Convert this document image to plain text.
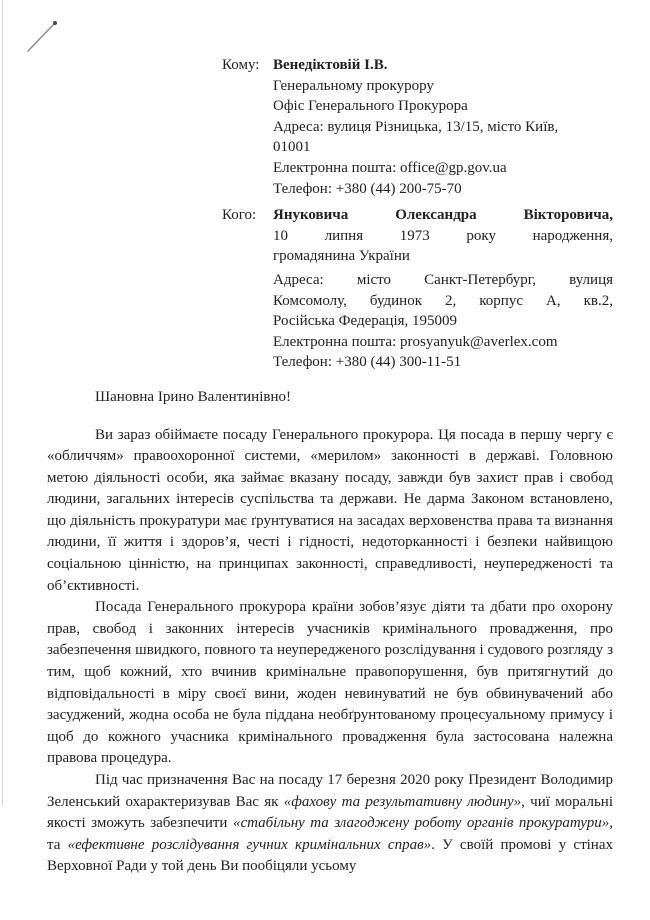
Кому: Венедіктовій І.В.
Генеральному прокурору
Офіс Генерального Прокурора
Адреса: вулиця Різницька, 13/15, місто Київ,
01001
Електронна пошта: office@gp.gov.ua
Телефон: +380 (44) 200-75-70
Кого:	Януковича Олександра Вікторовича,
10 липня 1973 року народження,
громадянина України
Адреса: місто Санкт-Петербург, вулиця
Комсомолу, будинок 2, корпус А, кв.2,
Російська Федерація, 195009
Електронна пошта: prosyanyuk@averlex.com
Телефон: +380 (44) 300-11-51

Шановна Ірино Валентинівно!

Ви зараз обіймаєте посаду Генерального прокурора. Ця посада в першу чергу є «обличчям» правоохоронної системи, «мерилом» законності в державі. Головною метою діяльності особи, яка займає вказану посаду, завжди був захист прав і свобод людини, загальних інтересів суспільства та держави. Не дарма Законом встановлено, що діяльність прокуратури має ґрунтуватися на засадах верховенства права та визнання людини, її життя і здоров’я, честі і гідності, недоторканності і безпеки найвищою соціальною цінністю, на принципах законності, справедливості, неупередженості та об’єктивності.

Посада Генерального прокурора країни зобов’язує діяти та дбати про охорону прав, свобод і законних інтересів учасників кримінального провадження, про забезпечення швидкого, повного та неупередженого розслідування і судового розгляду з тим, щоб кожний, хто вчинив кримінальне правопорушення, був притягнутий до відповідальності в міру своєї вини, жоден невинуватий не був обвинувачений або засуджений, жодна особа не була піддана необґрунтованому процесуальному примусу і щоб до кожного учасника кримінального провадження була застосована належна правова процедура.

Під час призначення Вас на посаду 17 березня 2020 року Президент Володимир Зеленський охарактеризував Вас як «фахову та результативну людину», чиї моральні якості зможуть забезпечити «стабільну та злагоджену роботу органів прокуратури», та «ефективне розслідування гучних кримінальних справ». У своїй промові у стінах Верховної Ради у той день Ви пообіцяли усьому
